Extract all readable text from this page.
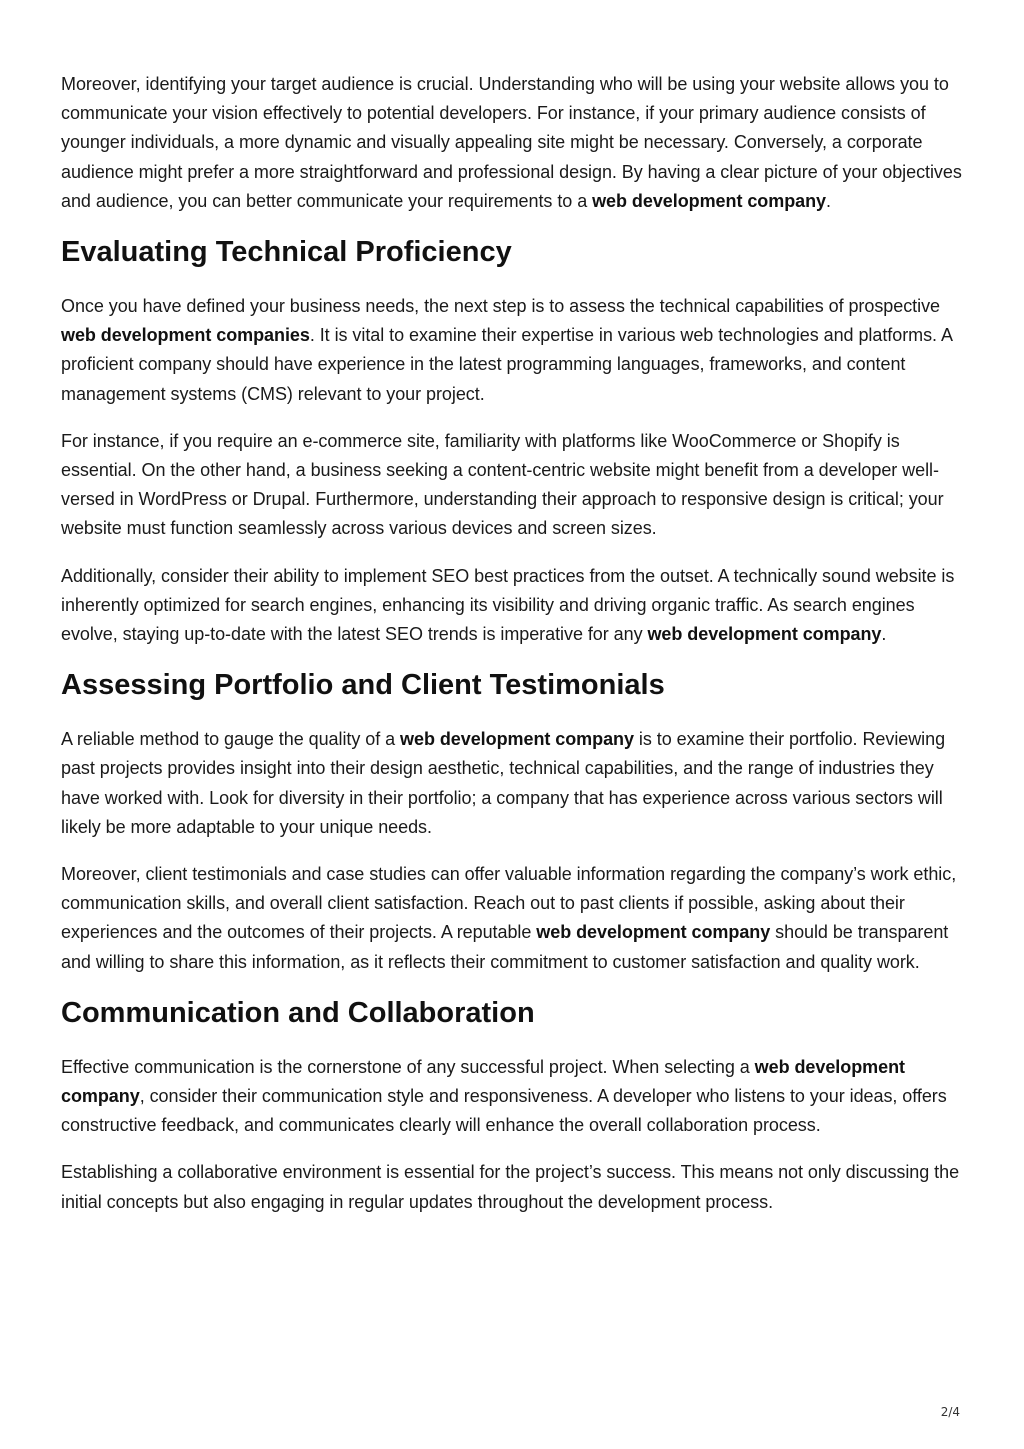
Moreover, identifying your target audience is crucial. Understanding who will be using your website allows you to communicate your vision effectively to potential developers. For instance, if your primary audience consists of younger individuals, a more dynamic and visually appealing site might be necessary. Conversely, a corporate audience might prefer a more straightforward and professional design. By having a clear picture of your objectives and audience, you can better communicate your requirements to a web development company.

Evaluating Technical Proficiency

Once you have defined your business needs, the next step is to assess the technical capabilities of prospective web development companies. It is vital to examine their expertise in various web technologies and platforms. A proficient company should have experience in the latest programming languages, frameworks, and content management systems (CMS) relevant to your project.

For instance, if you require an e-commerce site, familiarity with platforms like WooCommerce or Shopify is essential. On the other hand, a business seeking a content-centric website might benefit from a developer well-versed in WordPress or Drupal. Furthermore, understanding their approach to responsive design is critical; your website must function seamlessly across various devices and screen sizes.

Additionally, consider their ability to implement SEO best practices from the outset. A technically sound website is inherently optimized for search engines, enhancing its visibility and driving organic traffic. As search engines evolve, staying up-to-date with the latest SEO trends is imperative for any web development company.

Assessing Portfolio and Client Testimonials

A reliable method to gauge the quality of a web development company is to examine their portfolio. Reviewing past projects provides insight into their design aesthetic, technical capabilities, and the range of industries they have worked with. Look for diversity in their portfolio; a company that has experience across various sectors will likely be more adaptable to your unique needs.

Moreover, client testimonials and case studies can offer valuable information regarding the company’s work ethic, communication skills, and overall client satisfaction. Reach out to past clients if possible, asking about their experiences and the outcomes of their projects. A reputable web development company should be transparent and willing to share this information, as it reflects their commitment to customer satisfaction and quality work.

Communication and Collaboration

Effective communication is the cornerstone of any successful project. When selecting a web development company, consider their communication style and responsiveness. A developer who listens to your ideas, offers constructive feedback, and communicates clearly will enhance the overall collaboration process.

Establishing a collaborative environment is essential for the project’s success. This means not only discussing the initial concepts but also engaging in regular updates throughout the development process.

2/4
